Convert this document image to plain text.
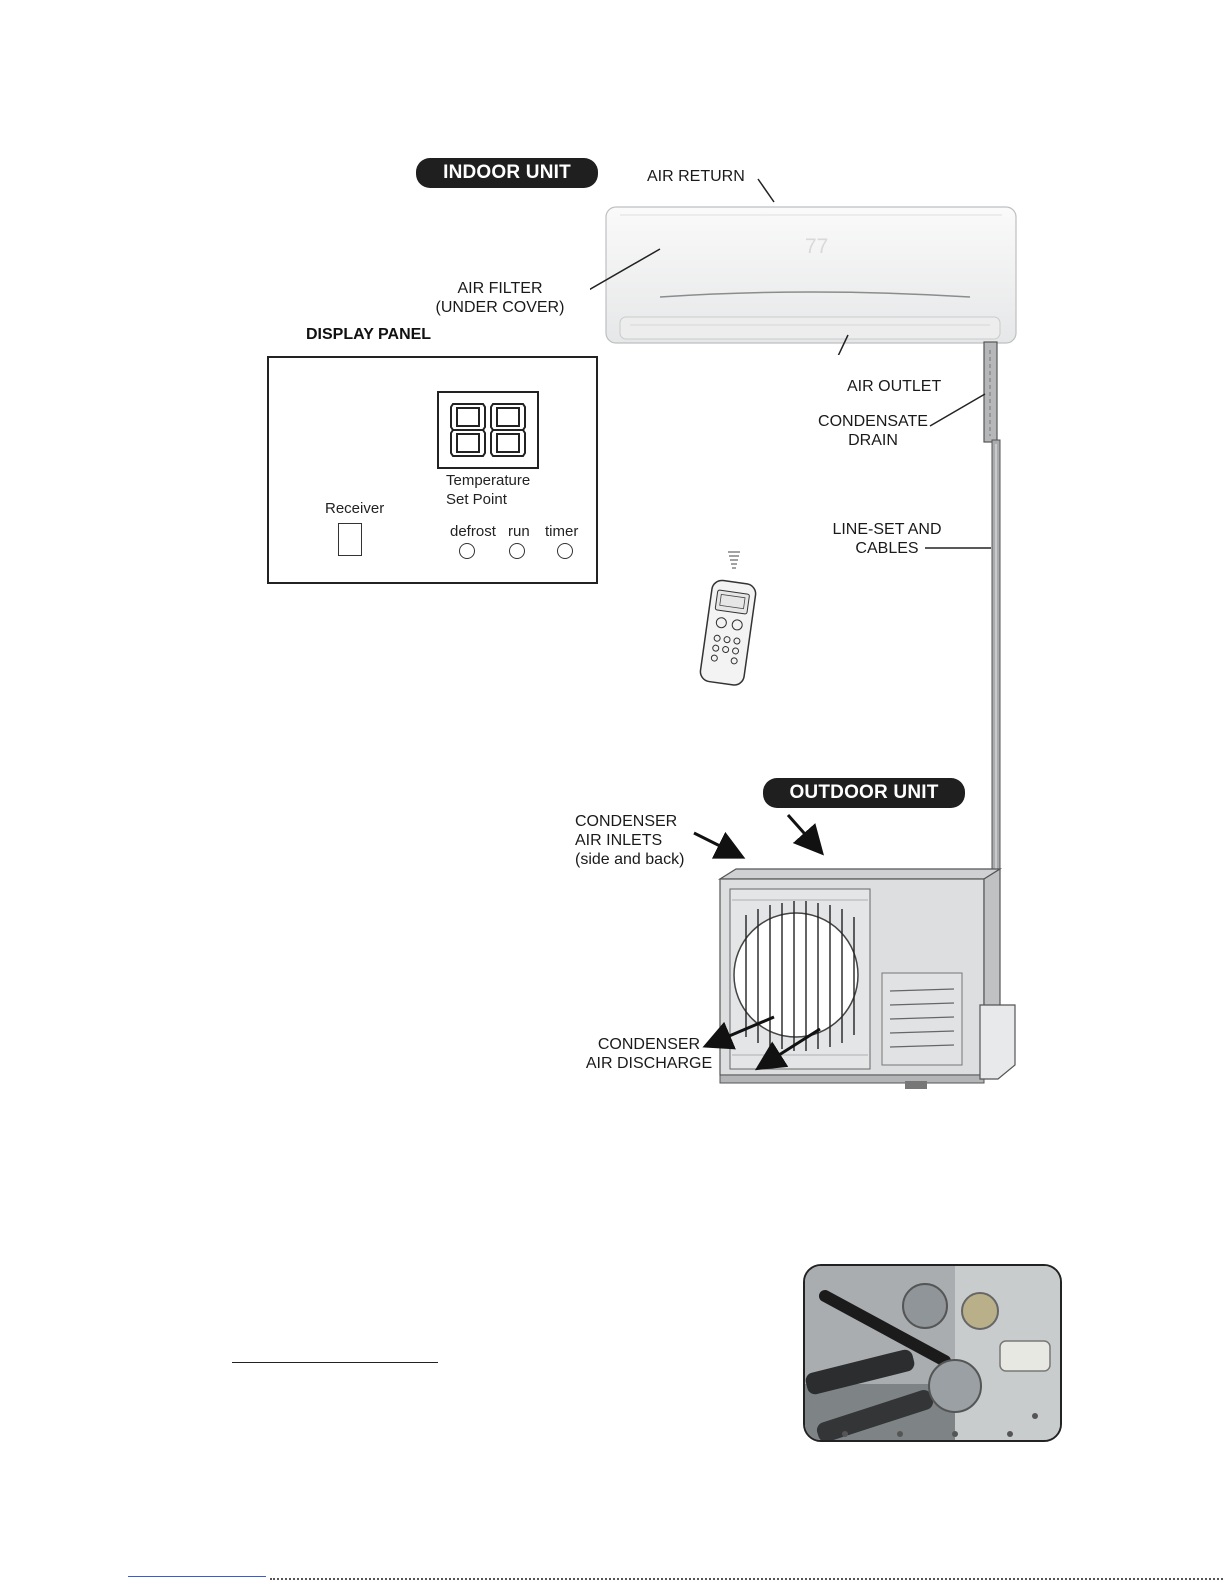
INDOOR UNIT	AIR RETURN
77
AIR FILTER
(UNDER COVER)
AIR OUTLET
CONDENSATE
DRAIN
LINE-SET AND
CABLES
DISPLAY PANEL
Temperature
Set Point
Receiver
defrost run timer
OUTDOOR UNIT
CONDENSER
AIR INLETS
(side and back)
CONDENSER
AIR DISCHARGE
